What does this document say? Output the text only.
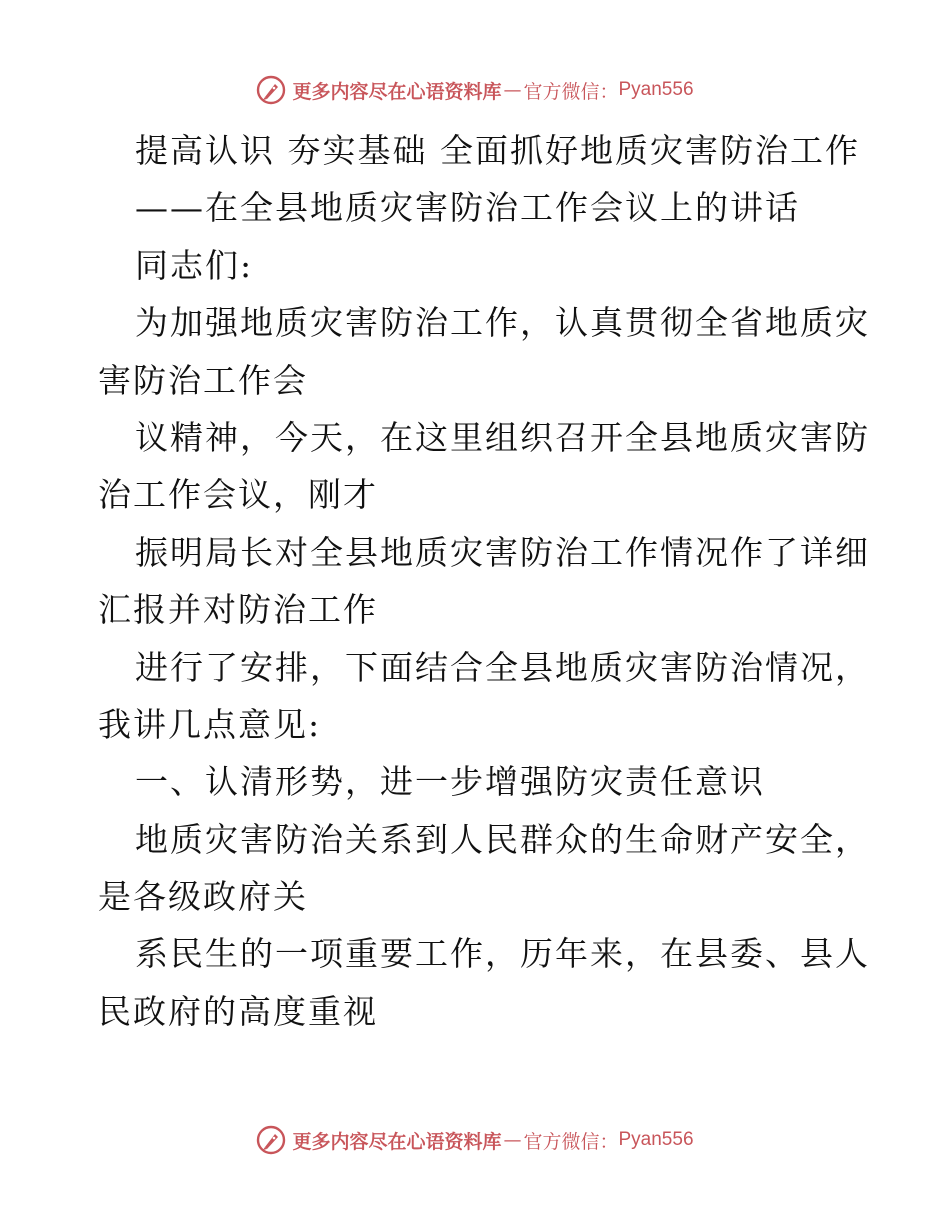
更多内容尽在心语资料库 — 官方微信： Pyan556
提高认识 夯实基础 全面抓好地质灾害防治工作
——在全县地质灾害防治工作会议上的讲话
同志们:
为加强地质灾害防治工作，认真贯彻全省地质灾
害防治工作会
议精神，今天，在这里组织召开全县地质灾害防
治工作会议，刚才
振明局长对全县地质灾害防治工作情况作了详细
汇报并对防治工作
进行了安排，下面结合全县地质灾害防治情况，
我讲几点意见:
一、认清形势，进一步增强防灾责任意识
地质灾害防治关系到人民群众的生命财产安全，
是各级政府关
系民生的一项重要工作，历年来，在县委、县人
民政府的高度重视
更多内容尽在心语资料库 — 官方微信： Pyan556
